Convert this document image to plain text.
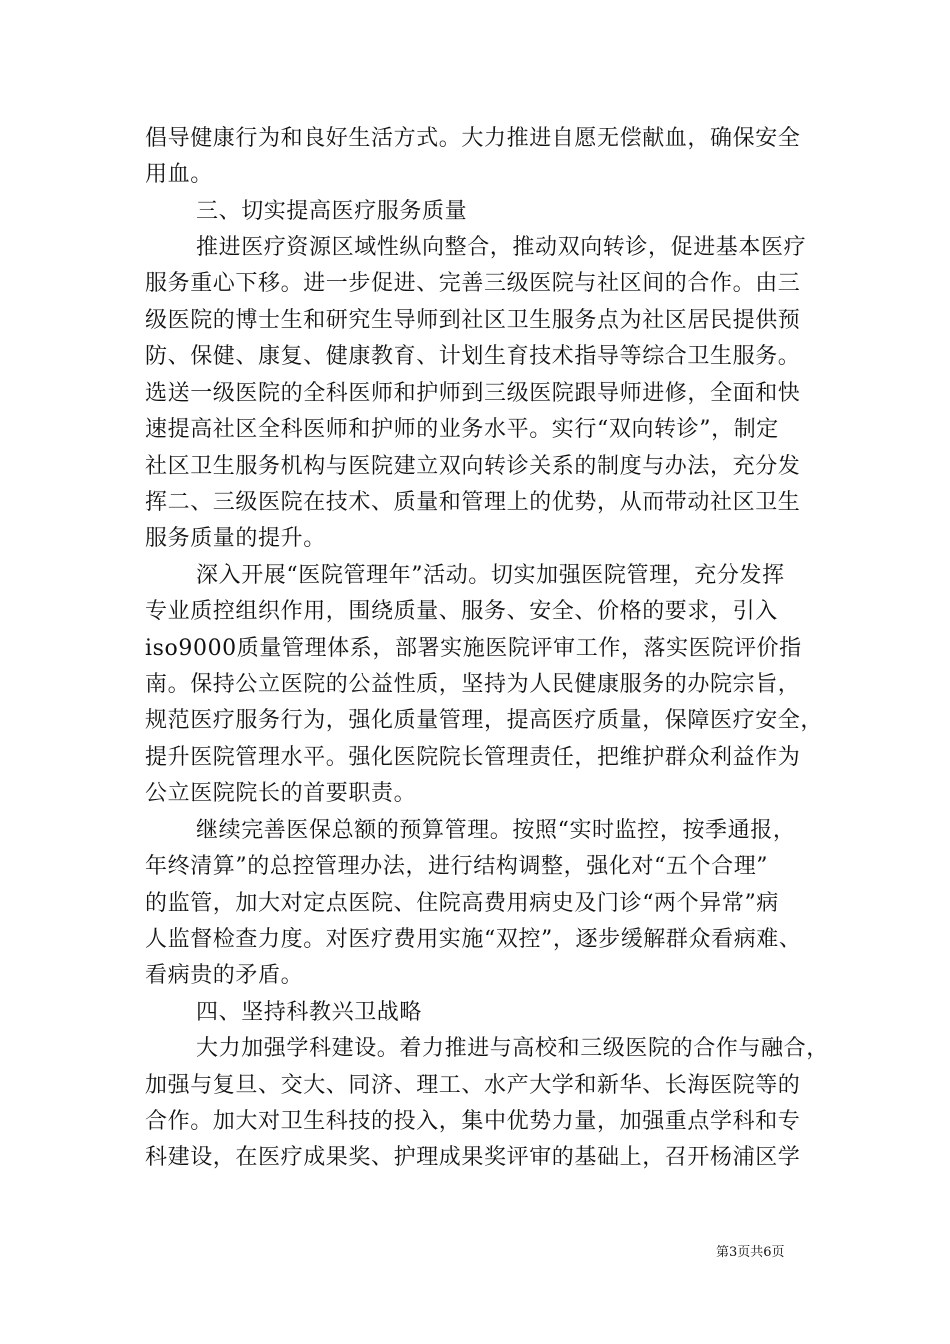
倡导健康行为和良好生活方式。大力推进自愿无偿献血，确保安全

用血。

三、切实提高医疗服务质量

推进医疗资源区域性纵向整合，推动双向转诊，促进基本医疗

服务重心下移。进一步促进、完善三级医院与社区间的合作。由三

级医院的博士生和研究生导师到社区卫生服务点为社区居民提供预

防、保健、康复、健康教育、计划生育技术指导等综合卫生服务。

选送一级医院的全科医师和护师到三级医院跟导师进修，全面和快

速提高社区全科医师和护师的业务水平。实行“双向转诊”，制定

社区卫生服务机构与医院建立双向转诊关系的制度与办法，充分发

挥二、三级医院在技术、质量和管理上的优势，从而带动社区卫生

服务质量的提升。

深入开展“医院管理年”活动。切实加强医院管理，充分发挥

专业质控组织作用，围绕质量、服务、安全、价格的要求，引入

iso9000质量管理体系，部署实施医院评审工作，落实医院评价指

南。保持公立医院的公益性质，坚持为人民健康服务的办院宗旨，

规范医疗服务行为，强化质量管理，提高医疗质量，保障医疗安全，

提升医院管理水平。强化医院院长管理责任，把维护群众利益作为

公立医院院长的首要职责。

继续完善医保总额的预算管理。按照“实时监控，按季通报，

年终清算”的总控管理办法，进行结构调整，强化对“五个合理”

的监管，加大对定点医院、住院高费用病史及门诊“两个异常”病

人监督检查力度。对医疗费用实施“双控”，逐步缓解群众看病难、

看病贵的矛盾。

四、坚持科教兴卫战略

大力加强学科建设。着力推进与高校和三级医院的合作与融合，

加强与复旦、交大、同济、理工、水产大学和新华、长海医院等的

合作。加大对卫生科技的投入，集中优势力量，加强重点学科和专

科建设，在医疗成果奖、护理成果奖评审的基础上，召开杨浦区学

第3页共6页
